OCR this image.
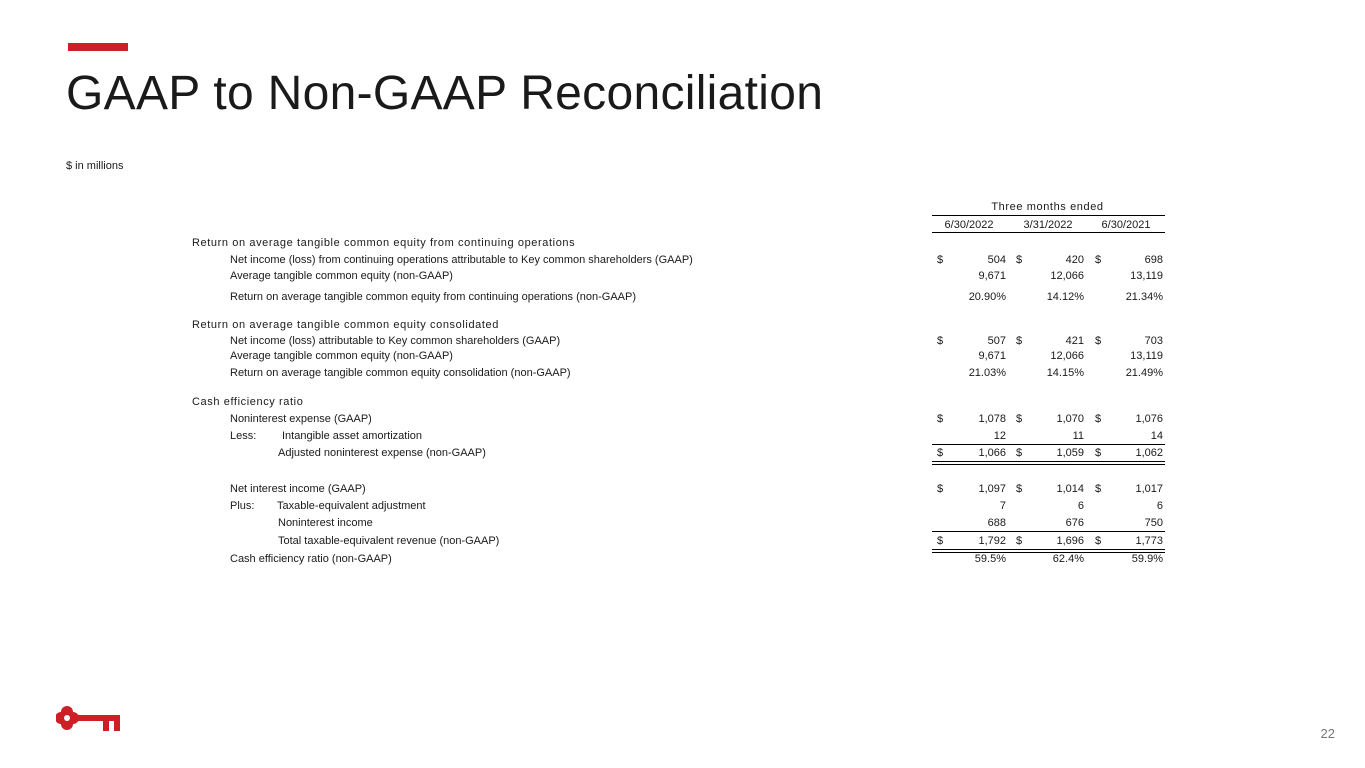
GAAP to Non-GAAP Reconciliation
$ in millions
Three months ended
6/30/2022	3/31/2022	6/30/2021
Return on average tangible common equity from continuing operations
Net income (loss) from continuing operations attributable to Key common shareholders (GAAP)	$	504 $	420 $	698
Average tangible common equity (non-GAAP)	9,671	12,066	13,119
Return on average tangible common equity from continuing operations (non-GAAP)	20.90%	14.12%	21.34%
Return on average tangible common equity consolidated
Net income (loss) attributable to Key common shareholders (GAAP)	$	507 $	421 $	703
Average tangible common equity (non-GAAP)	9,671	12,066	13,119
Return on average tangible common equity consolidation (non-GAAP)	21.03%	14.15%	21.49%
Cash efficiency ratio
Noninterest expense (GAAP)	$	1,078 $	1,070 $	1,076
Less: Intangible asset amortization	12	11	14
Adjusted noninterest expense (non-GAAP)	$	1,066 $	1,059 $	1,062
Net interest income (GAAP)	$	1,097 $	1,014 $	1,017
Plus: Taxable-equivalent adjustment	7	6	6
Noninterest income	688	676	750
Total taxable-equivalent revenue (non-GAAP)	$	1,792 $	1,696 $	1,773
Cash efficiency ratio (non-GAAP)	59.5%	62.4%	59.9%
22
